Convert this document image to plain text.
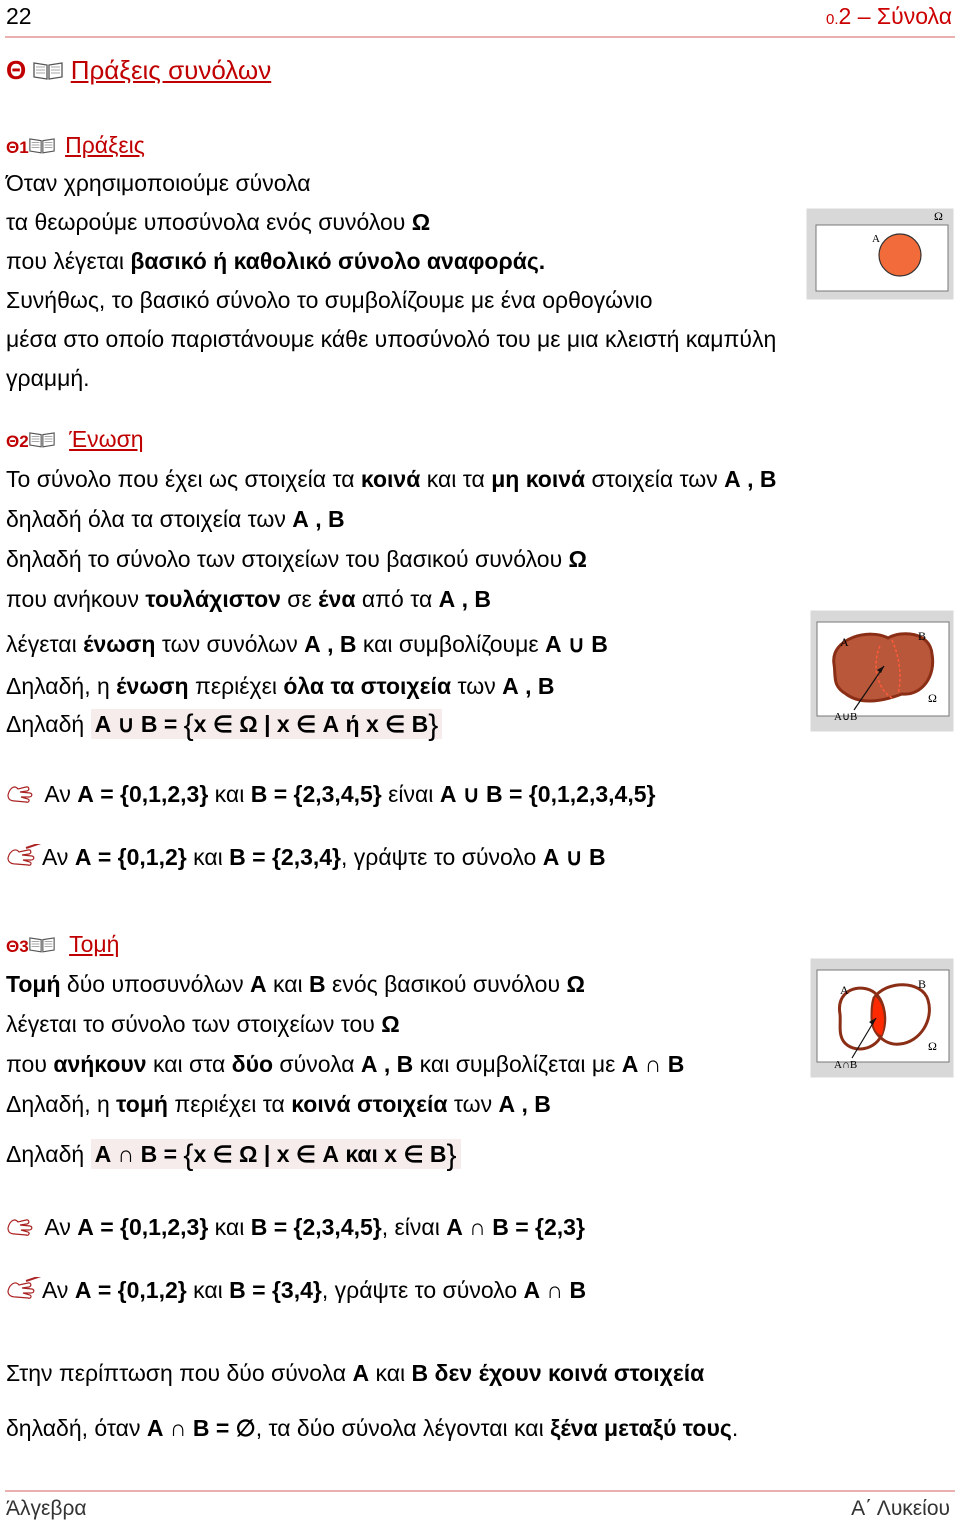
22	0.2 – Σύνολα
Θ Πράξεις συνόλων
Θ1 Πράξεις
Όταν χρησιμοποιούμε σύνολα
τα θεωρούμε υποσύνολα ενός συνόλου Ω
που λέγεται βασικό ή καθολικό σύνολο αναφοράς.
Συνήθως, το βασικό σύνολο το συμβολίζουμε με ένα ορθογώνιο
μέσα στο οποίο παριστάνουμε κάθε υποσύνολό του με μια κλειστή καμπύλη
γραμμή.
Ω
Α
Θ2 Ένωση
Το σύνολο που έχει ως στοιχεία τα κοινά και τα μη κοινά στοιχεία των Α , Β
δηλαδή όλα τα στοιχεία των Α , Β
δηλαδή το σύνολο των στοιχείων του βασικού συνόλου Ω
που ανήκουν τουλάχιστον σε ένα από τα Α , Β
λέγεται ένωση των συνόλων Α , Β και συμβολίζουμε Α ∪ Β
Δηλαδή, η ένωση περιέχει όλα τα στοιχεία των Α , Β
Δηλαδή Α ∪ Β = {x ∈ Ω | x ∈ Α ή x ∈ Β}
Α	Β
Ω
Α∪Β
Αν Α = {0,1,2,3} και Β = {2,3,4,5} είναι Α ∪ Β = {0,1,2,3,4,5}
Αν Α = {0,1,2} και Β = {2,3,4}, γράψτε το σύνολο Α ∪ Β
Θ3 Τομή
Τομή δύο υποσυνόλων Α και Β ενός βασικού συνόλου Ω
λέγεται το σύνολο των στοιχείων του Ω
που ανήκουν και στα δύο σύνολα Α , Β και συμβολίζεται με Α ∩ Β
Δηλαδή, η τομή περιέχει τα κοινά στοιχεία των Α , Β
Δηλαδή Α ∩ Β = {x ∈ Ω | x ∈ Α και x ∈ Β}
Α	Β
Ω
Α∩Β
Αν Α = {0,1,2,3} και Β = {2,3,4,5}, είναι Α ∩ Β = {2,3}
Αν Α = {0,1,2} και Β = {3,4}, γράψτε το σύνολο Α ∩ Β
Στην περίπτωση που δύο σύνολα Α και Β δεν έχουν κοινά στοιχεία
δηλαδή, όταν Α ∩ Β = ∅, τα δύο σύνολα λέγονται και ξένα μεταξύ τους.
Άλγεβρα	Α΄ Λυκείου
